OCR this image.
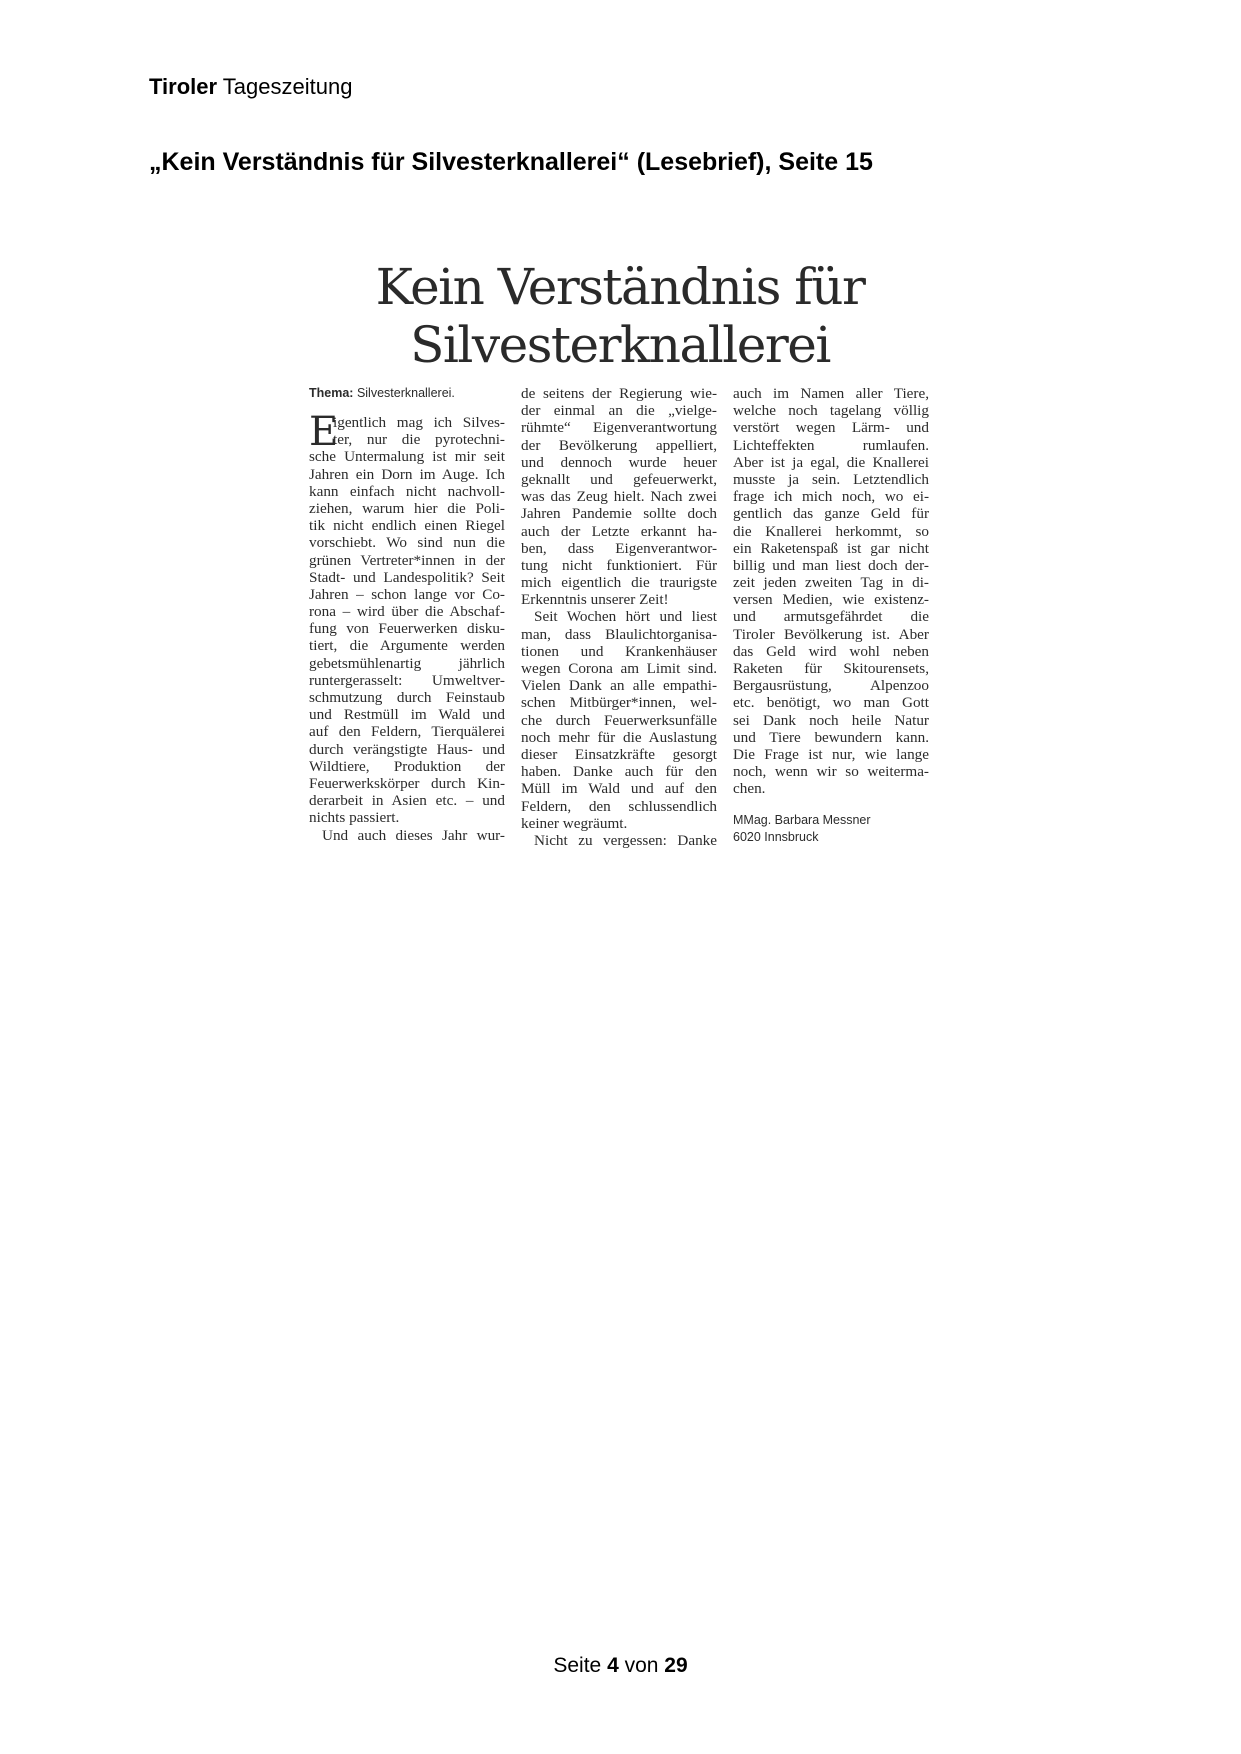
Tiroler Tageszeitung
„Kein Verständnis für Silvesterknallerei“ (Lesebrief), Seite 15
Kein Verständnis für
Silvesterknallerei
Thema: Silvesterknallerei.
E
igentlich mag ich Silves-
ter, nur die pyrotechni-
sche Untermalung ist mir seit
Jahren ein Dorn im Auge. Ich
kann einfach nicht nachvoll-
ziehen, warum hier die Poli-
tik nicht endlich einen Riegel
vorschiebt. Wo sind nun die
grünen Vertreter*innen in der
Stadt- und Landespolitik? Seit
Jahren – schon lange vor Co-
rona – wird über die Abschaf-
fung von Feuerwerken disku-
tiert, die Argumente werden
gebetsmühlenartig jährlich
runtergerasselt: Umweltver-
schmutzung durch Feinstaub
und Restmüll im Wald und
auf den Feldern, Tierquälerei
durch verängstigte Haus- und
Wildtiere, Produktion der
Feuerwerkskörper durch Kin-
derarbeit in Asien etc. – und
nichts passiert.
Und auch dieses Jahr wur-
de seitens der Regierung wie-
der einmal an die „vielge-
rühmte“ Eigenverantwortung
der Bevölkerung appelliert,
und dennoch wurde heuer
geknallt und gefeuerwerkt,
was das Zeug hielt. Nach zwei
Jahren Pandemie sollte doch
auch der Letzte erkannt ha-
ben, dass Eigenverantwor-
tung nicht funktioniert. Für
mich eigentlich die traurigste
Erkenntnis unserer Zeit!
Seit Wochen hört und liest
man, dass Blaulichtorganisa-
tionen und Krankenhäuser
wegen Corona am Limit sind.
Vielen Dank an alle empathi-
schen Mitbürger*innen, wel-
che durch Feuerwerksunfälle
noch mehr für die Auslastung
dieser Einsatzkräfte gesorgt
haben. Danke auch für den
Müll im Wald und auf den
Feldern, den schlussendlich
keiner wegräumt.
Nicht zu vergessen: Danke
auch im Namen aller Tiere,
welche noch tagelang völlig
verstört wegen Lärm- und
Lichteffekten rumlaufen.
Aber ist ja egal, die Knallerei
musste ja sein. Letztendlich
frage ich mich noch, wo ei-
gentlich das ganze Geld für
die Knallerei herkommt, so
ein Raketenspaß ist gar nicht
billig und man liest doch der-
zeit jeden zweiten Tag in di-
versen Medien, wie existenz-
und armutsgefährdet die
Tiroler Bevölkerung ist. Aber
das Geld wird wohl neben
Raketen für Skitourensets,
Bergausrüstung, Alpenzoo
etc. benötigt, wo man Gott
sei Dank noch heile Natur
und Tiere bewundern kann.
Die Frage ist nur, wie lange
noch, wenn wir so weiterma-
chen.
MMag. Barbara Messner
6020 Innsbruck
Seite 4 von 29
